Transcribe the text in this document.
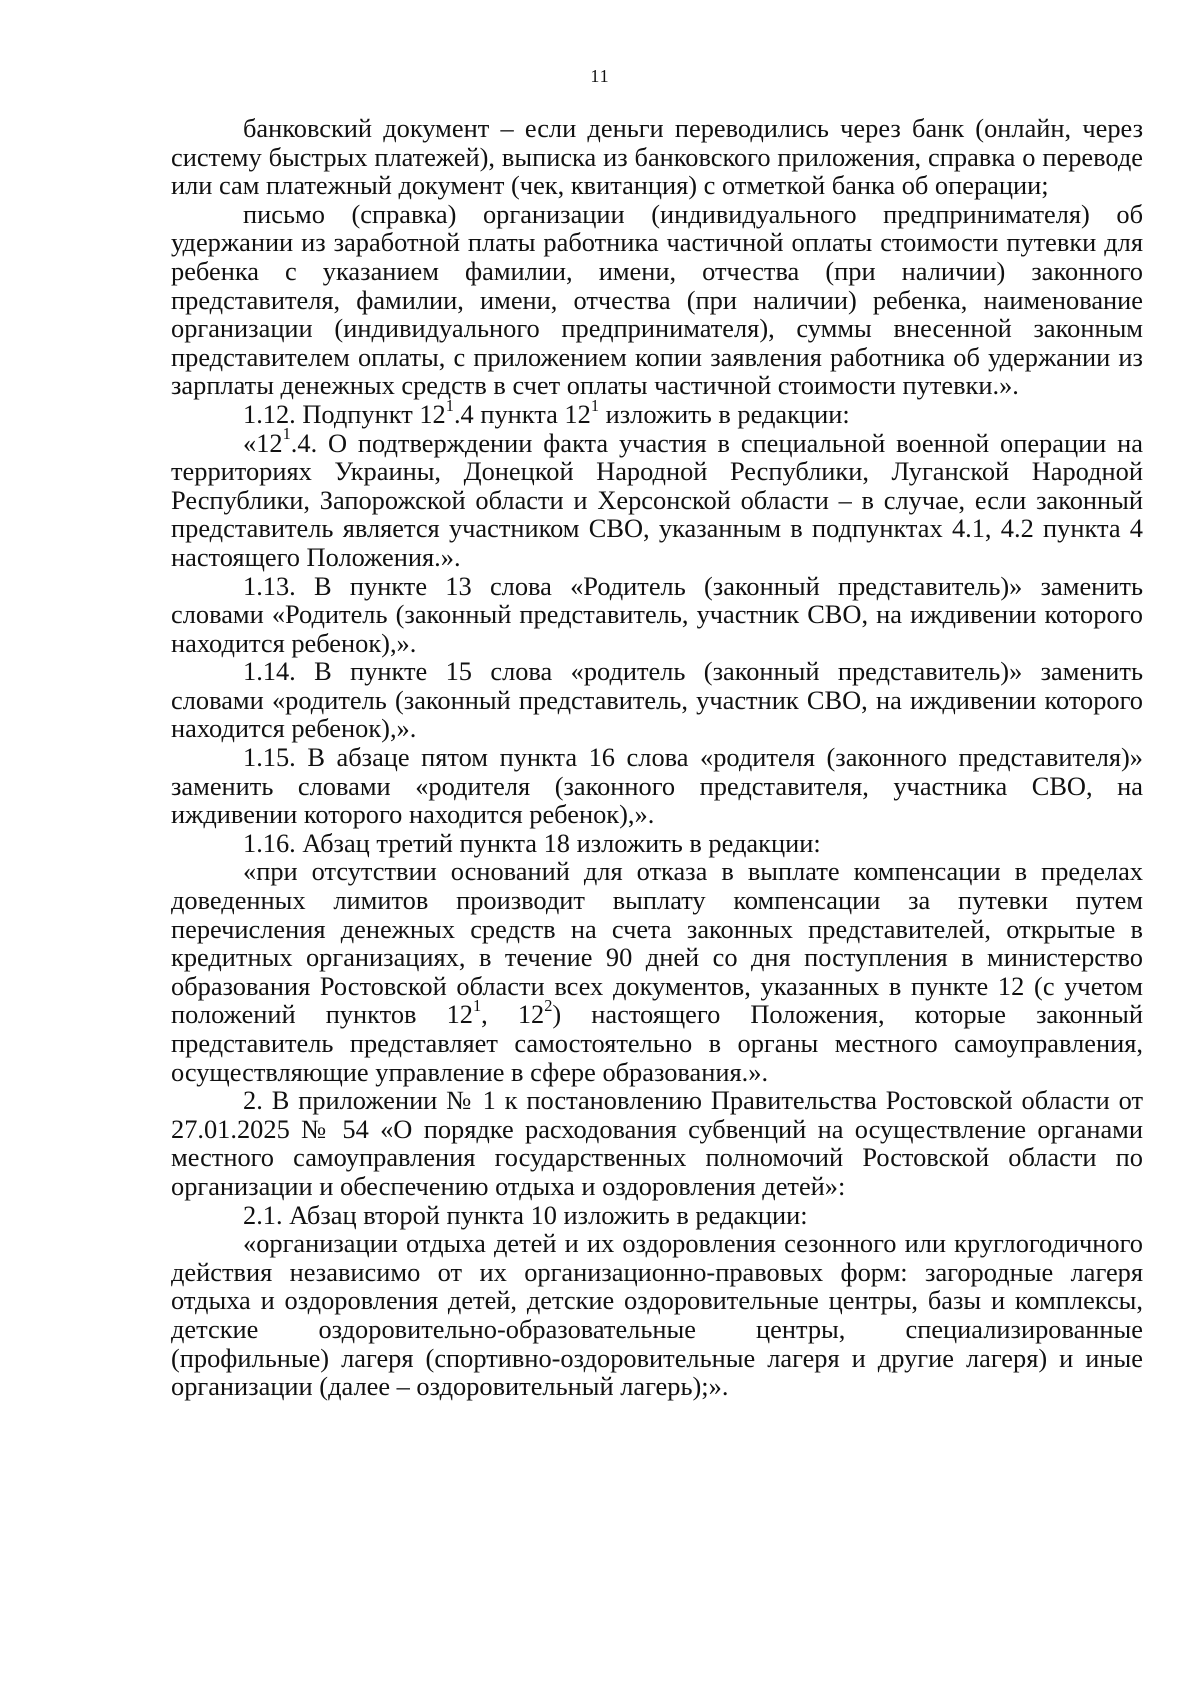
11

банковский документ – если деньги переводились через банк (онлайн, через систему быстрых платежей), выписка из банковского приложения, справка о переводе или сам платежный документ (чек, квитанция) с отметкой банка об операции;

письмо (справка) организации (индивидуального предпринимателя) об удержании из заработной платы работника частичной оплаты стоимости путевки для ребенка с указанием фамилии, имени, отчества (при наличии) законного представителя, фамилии, имени, отчества (при наличии) ребенка, наименование организации (индивидуального предпринимателя), суммы внесенной законным представителем оплаты, с приложением копии заявления работника об удержании из зарплаты денежных средств в счет оплаты частичной стоимости путевки.».

1.12. Подпункт $12^1.4$ пункта $12^1$ изложить в редакции:

«$12^1.4$. О подтверждении факта участия в специальной военной операции на территориях Украины, Донецкой Народной Республики, Луганской Народной Республики, Запорожской области и Херсонской области – в случае, если законный представитель является участником СВО, указанным в подпунктах 4.1, 4.2 пункта 4 настоящего Положения.».

1.13. В пункте 13 слова «Родитель (законный представитель)» заменить словами «Родитель (законный представитель, участник СВО, на иждивении которого находится ребенок),».

1.14. В пункте 15 слова «родитель (законный представитель)» заменить словами «родитель (законный представитель, участник СВО, на иждивении которого находится ребенок),».

1.15. В абзаце пятом пункта 16 слова «родителя (законного представителя)» заменить словами «родителя (законного представителя, участника СВО, на иждивении которого находится ребенок),».

1.16. Абзац третий пункта 18 изложить в редакции:

«при отсутствии оснований для отказа в выплате компенсации в пределах доведенных лимитов производит выплату компенсации за путевки путем перечисления денежных средств на счета законных представителей, открытые в кредитных организациях, в течение 90 дней со дня поступления в министерство образования Ростовской области всех документов, указанных в пункте 12 (с учетом положений пунктов $12^1$, $12^2$) настоящего Положения, которые законный представитель представляет самостоятельно в органы местного самоуправления, осуществляющие управление в сфере образования.».

2. В приложении № 1 к постановлению Правительства Ростовской области от 27.01.2025 № 54 «О порядке расходования субвенций на осуществление органами местного самоуправления государственных полномочий Ростовской области по организации и обеспечению отдыха и оздоровления детей»:

2.1. Абзац второй пункта 10 изложить в редакции:

«организации отдыха детей и их оздоровления сезонного или круглогодичного действия независимо от их организационно-правовых форм: загородные лагеря отдыха и оздоровления детей, детские оздоровительные центры, базы и комплексы, детские оздоровительно-образовательные центры, специализированные (профильные) лагеря (спортивно-оздоровительные лагеря и другие лагеря) и иные организации (далее – оздоровительный лагерь);».
